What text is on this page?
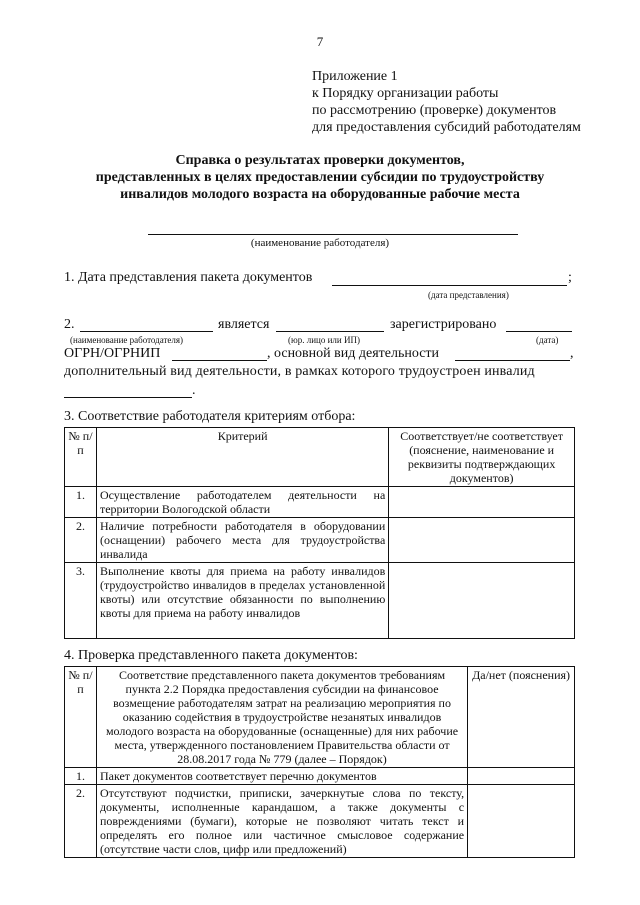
7
Приложение 1
к Порядку организации работы
по рассмотрению (проверке) документов
для предоставления субсидий работодателям
Справка о результатах проверки документов,
представленных в целях предоставлении субсидии по трудоустройству
инвалидов молодого возраста на оборудованные рабочие места
(наименование работодателя)
1. Дата представления пакета документов	;
(дата представления)
2.	является	зарегистрировано
(наименование работодателя)	(юр. лицо или ИП)	(дата)
ОГРН/ОГРНИП	, основной вид деятельности	,
дополнительный вид деятельности, в рамках которого трудоустроен инвалид
.
3. Соответствие работодателя критериям отбора:
№ п/п	Критерий	Соответствует/не соответствует (пояснение, наименование и реквизиты подтверждающих документов)
1.	Осуществление работодателем деятельности на территории Вологодской области	
2.	Наличие потребности работодателя в оборудовании (оснащении) рабочего места для трудоустройства инвалида	
3.	Выполнение квоты для приема на работу инвалидов (трудоустройство инвалидов в пределах установленной квоты) или отсутствие обязанности по выполнению квоты для приема на работу инвалидов	
4. Проверка представленного пакета документов:
№ п/п	Соответствие представленного пакета документов требованиям пункта 2.2 Порядка предоставления субсидии на финансовое возмещение работодателям затрат на реализацию мероприятия по оказанию содействия в трудоустройстве незанятых инвалидов молодого возраста на оборудованные (оснащенные) для них рабочие места, утвержденного постановлением Правительства области от 28.08.2017 года № 779 (далее – Порядок)	Да/нет (пояснения)
1.	Пакет документов соответствует перечню документов	
2.	Отсутствуют подчистки, приписки, зачеркнутые слова по тексту, документы, исполненные карандашом, а также документы с повреждениями (бумаги), которые не позволяют читать текст и определять его полное или частичное смысловое содержание (отсутствие части слов, цифр или предложений)	
